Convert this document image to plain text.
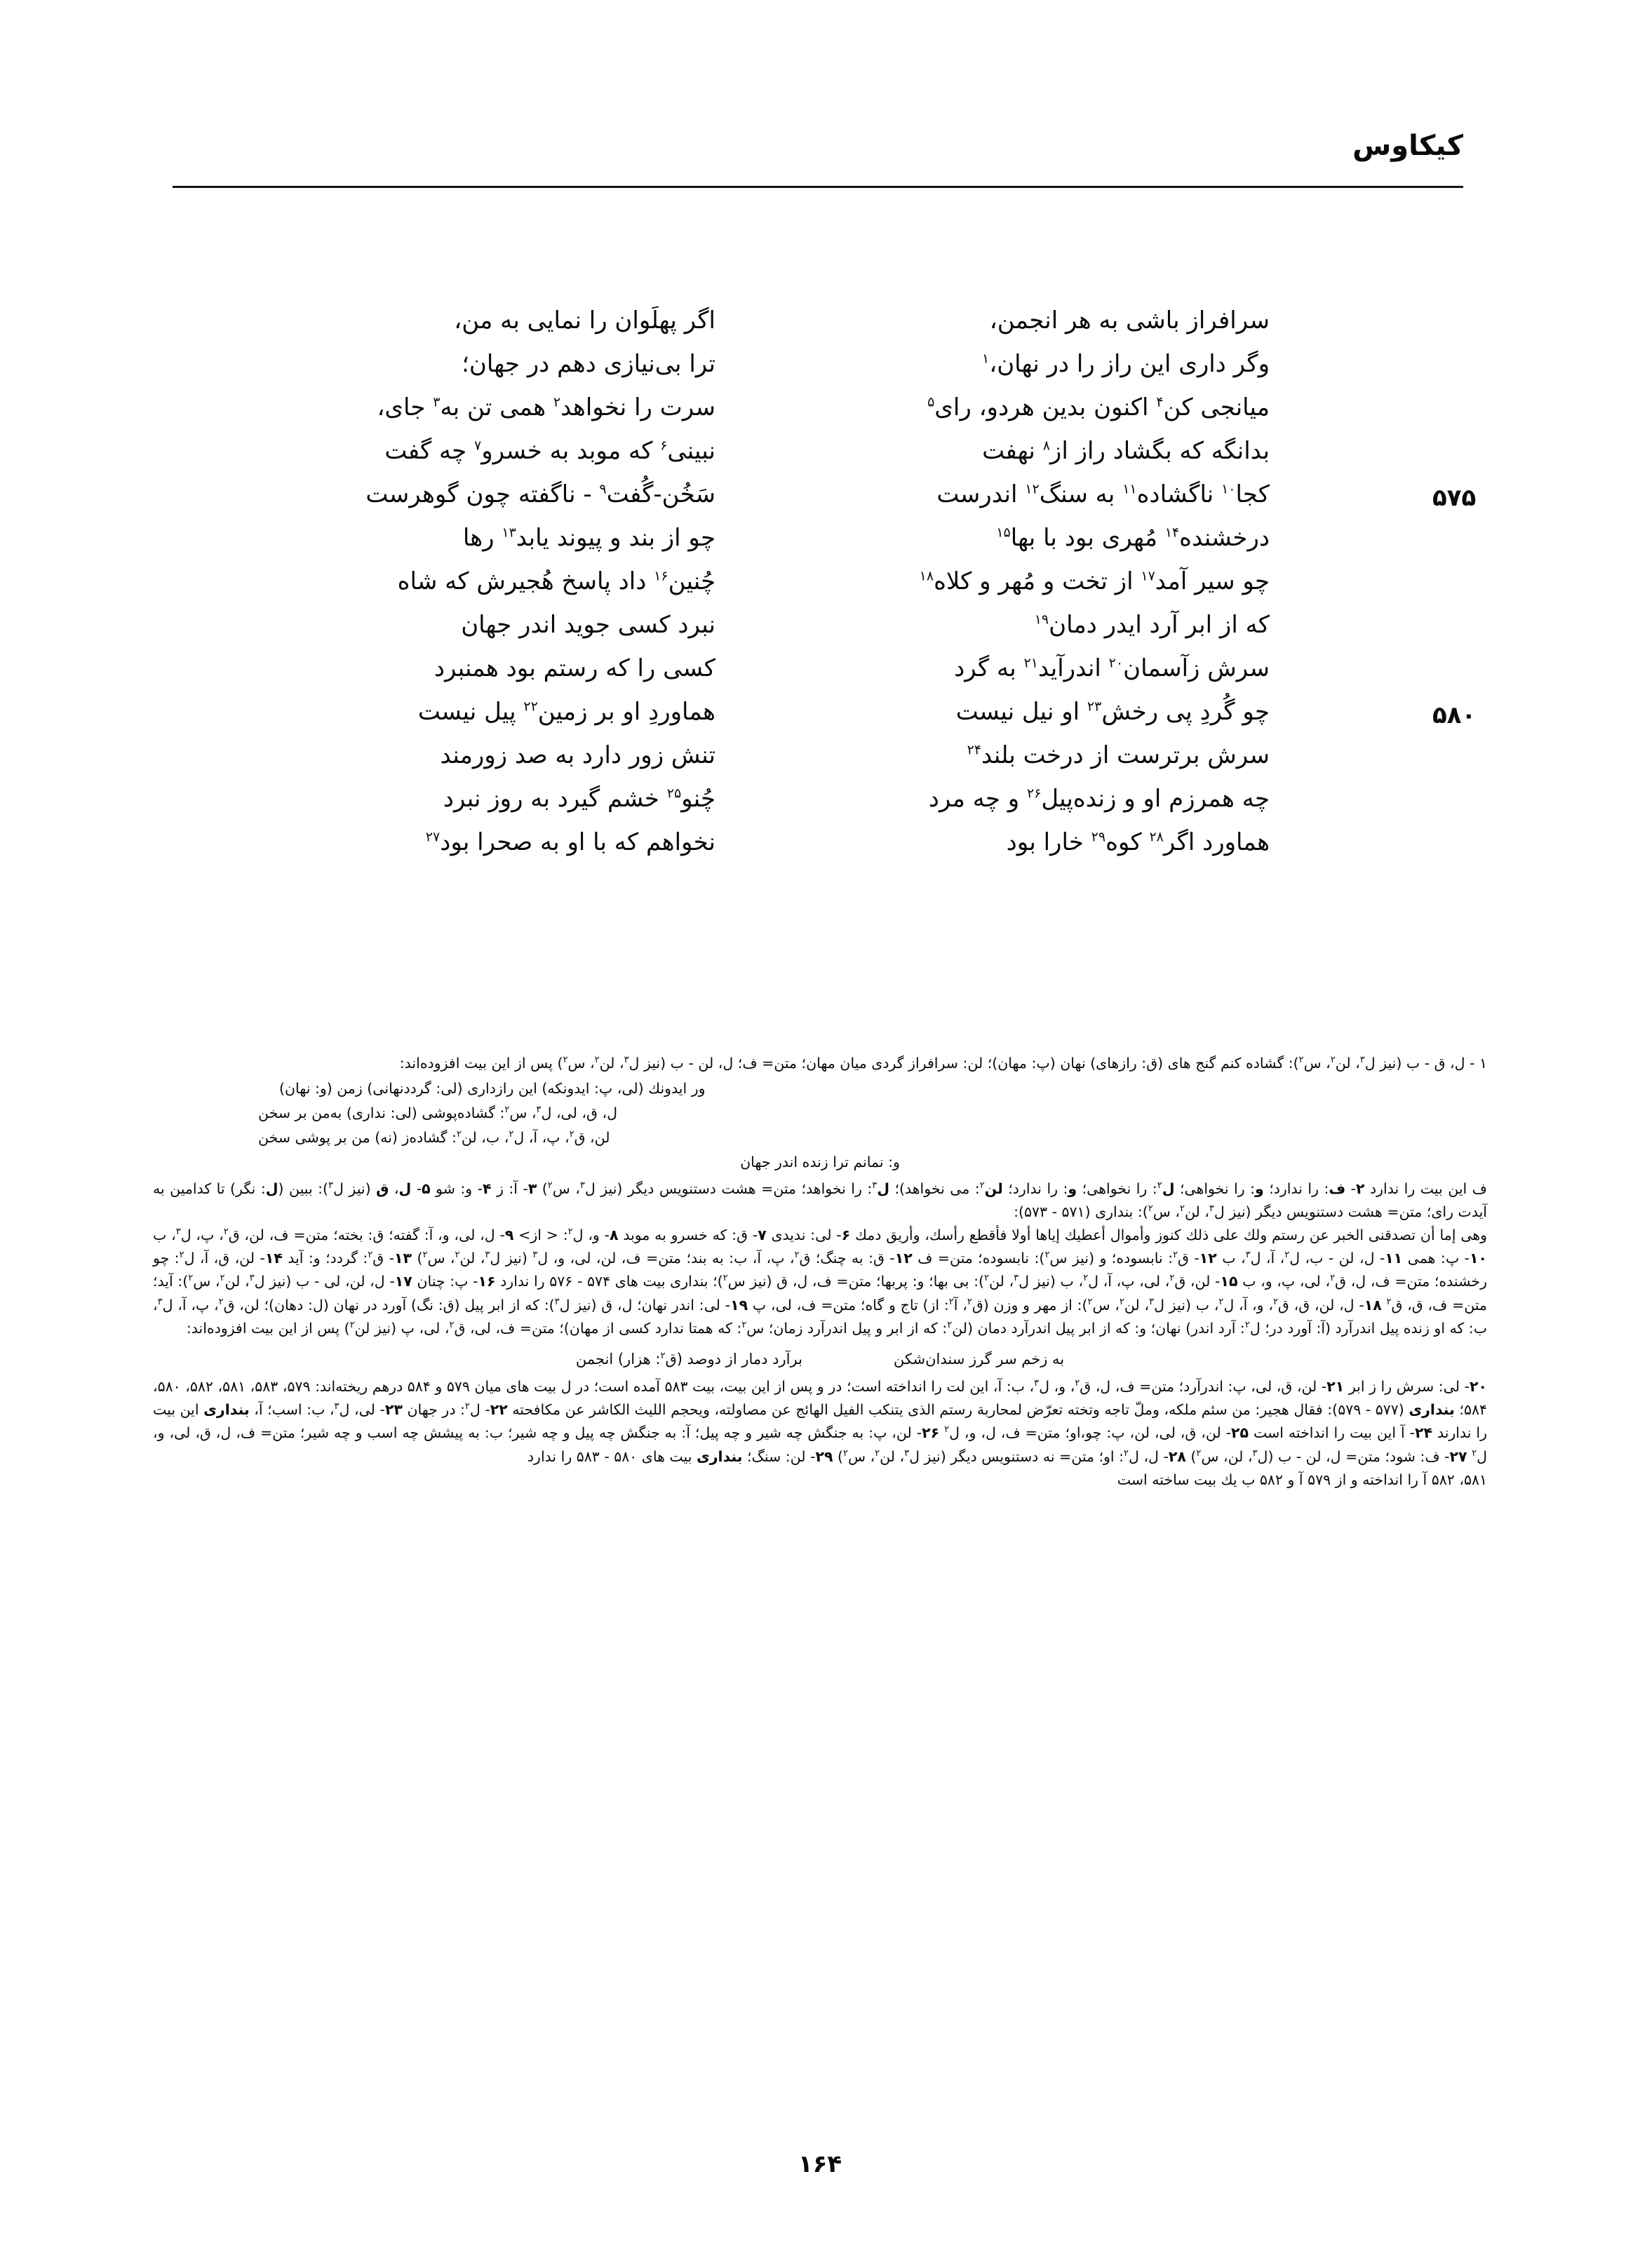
کیکاوس
اگر پهلَوان را نمایی به من،	سرافراز باشی به هر انجمن،
ترا بی‌نیازی دهم در جهان؛	وگر داری این راز را در نهان،$^۱$
سرت را نخواهد$^۲$ همی تن به$^۳$ جای،	میانجی کن$^۴$ اکنون بدین هردو، رای$^۵$
نبینی$^۶$ که موبد به خسرو$^۷$ چه گفت	بدانگه که بگشاد راز از$^۸$ نهفت
۵۷۵
سَخُن-گُفت$^۹$ - ناگفته چون گوهرست	کجا$^{۱۰}$ ناگشاده$^{۱۱}$ به سنگ$^{۱۲}$ اندرست
چو از بند و پیوند یابد$^{۱۳}$ رها	درخشنده$^{۱۴}$ مُهری بود با بها$^{۱۵}$
چُنین$^{۱۶}$ داد پاسخ هُجیرش که شاه	چو سیر آمد$^{۱۷}$ از تخت و مُهر و کلاه$^{۱۸}$
نبرد کسی جوید اندر جهان	که از ابر آرد ایدر دمان$^{۱۹}$
کسی را که رستم بود همنبرد	سرش زآسمان$^{۲۰}$ اندرآید$^{۲۱}$ به گرد
۵۸۰
هماوردِ او بر زمین$^{۲۲}$ پیل نیست	چو گُردِ پی رخش$^{۲۳}$ او نیل نیست
تنش زور دارد به صد زورمند	سرش برترست از درخت بلند$^{۲۴}$
چُنو$^{۲۵}$ خشم گیرد به روز نبرد	چه همرزم او و زنده‌پیل$^{۲۶}$ و چه مرد
نخواهم که با او به صحرا بود$^{۲۷}$	هماورد اگر$^{۲۸}$ کوه$^{۲۹}$ خارا بود
۱ - ل، ق - ب (نیز ل$^۳$، لن$^۲$، س$^۲$): گشاده کنم گنج های (ق: رازهای) نهان (پ: مهان)؛ لن: سرافراز گردی میان مهان؛ متن= ف؛ ل، لن - ب (نیز ل$^۳$، لن$^۲$، س$^۲$) پس از این بیت افزوده‌اند:
ور ایدونك (لی، پ: ایدونکه) این رازداری (لی: گرددنهانی) زمن (و: نهان)
ل، ق، لی، ل$^۳$، س$^۲$: گشاده‌پوشی (لی: نداری) به‌من بر سخن
لن، ق$^۲$، پ، آ، ل$^۲$، ب، لن$^۲$: گشاده‌ز (نه) من بر پوشی سخن
و: نمانم ترا زنده اندر جهان
ف این بیت را ندارد ۲- ف: را ندارد؛ و: را نخواهی؛ ل$^۲$: را نخواهی؛ و: را ندارد؛ لن$^۲$: می نخواهد)؛ ل$^۳$: را نخواهد؛ متن= هشت دستنویس دیگر (نیز ل$^۳$، س$^۲$) ۳- آ: ز ۴- و: شو ۵- ل، ق (نیز ل$^۳$): ببین (ل: نگر) تا کدامین به آیدت رای؛ متن= هشت دستنویس دیگر (نیز ل$^۳$، لن$^۲$، س$^۲$): بنداری (۵۷۱ - ۵۷۳):
وهی إما أن تصدقنی الخبر عن رستم ولك علی ذلك كنوز وأموال أعطیك إیاها أولا فأقطع رأسك، وأریق دمك ۶- لی: ندیدی ۷- ق: که خسرو به موبد ۸- و، ل$^۲$: < از> ۹- ل، لی، و، آ: گفته؛ ق: بخته؛ متن= ف، لن، ق$^۲$، پ، ل$^۳$، ب ۱۰- پ: همی ۱۱- ل، لن - ب، ل$^۲$، آ، ل$^۳$، ب ۱۲- ق$^۲$: نابسوده؛ و (نیز س$^۲$): نابسوده؛ متن= ف ۱۲- ق: به چنگ؛ ق$^۲$، پ، آ، ب: به بند؛ متن= ف، لن، لی، و، ل$^۳$ (نیز ل$^۳$، لن$^۲$، س$^۲$) ۱۳- ق$^۲$: گردد؛ و: آید ۱۴- لن، ق، آ، ل$^۲$: چو رخشنده؛ متن= ف، ل، ق$^۲$، لی، پ، و، ب ۱۵- لن، ق$^۲$، لی، پ، آ، ل$^۲$، ب (نیز ل$^۳$، لن$^۲$): بی بها؛ و: پربها؛ متن= ف، ل، ق (نیز س$^۲$)؛ بنداری بیت های ۵۷۴ - ۵۷۶ را ندارد ۱۶- پ: چنان ۱۷- ل، لن، لی - ب (نیز ل$^۳$، لن$^۲$، س$^۲$): آید؛ متن= ف، ق، ق$^۲$ ۱۸- ل، لن، ق، ق$^۲$، و، آ، ل$^۲$، ب (نیز ل$^۳$، لن$^۲$، س$^۲$): از مهر و وزن (ق$^۲$، آ$^۲$: از) تاج و گاه؛ متن= ف، لی، پ ۱۹- لی: اندر نهان؛ ل، ق (نیز ل$^۳$): که از ابر پیل (ق: نگ) آورد در نهان (ل: دهان)؛ لن، ق$^۲$، پ، آ، ل$^۳$، ب: که او زنده پیل اندرآرد (آ: آورد در؛ ل$^۲$: آرد اندر) نهان؛ و: که از ابر پیل اندرآرد دمان (لن$^۲$: که از ابر و پیل اندرآرد زمان؛ س$^۲$: که همتا ندارد کسی از مهان)؛ متن= ف، لی، ق$^۲$، لی، پ (نیز لن$^۲$) پس از این بیت افزوده‌اند:
به زخم سر گرز سندان‌شکن
برآرد دمار از دوصد (ق$^۲$: هزار) انجمن
۲۰- لی: سرش را ز ابر ۲۱- لن، ق، لی، پ: اندرآرد؛ متن= ف، ل، ق$^۲$، و، ل$^۳$، ب: آ، این لت را انداخته است؛ در و پس از این بیت، بیت ۵۸۳ آمده است؛ در ل بیت های میان ۵۷۹ و ۵۸۴ درهم ریخته‌اند: ۵۷۹، ۵۸۳، ۵۸۱، ۵۸۲، ۵۸۰، ۵۸۴؛ بنداری (۵۷۷ - ۵۷۹): فقال هجیر: من سئم ملكه، وملّ تاجه وتخته تعرّض لمحاربة رستم الذی یتنكب الفیل الهائج عن مصاولته، ویحجم اللیث الكاشر عن مكافحته ۲۲- ل$^۲$: در جهان ۲۳- لی، ل$^۳$، ب: اسب؛ آ، بنداری این بیت را ندارند ۲۴- آ این بیت را انداخته است ۲۵- لن، ق، لی، لن، پ: چو،او؛ متن= ف، ل، و، ل$^۲$ ۲۶- لن، پ: به جنگش چه شیر و چه پیل؛ آ: به جنگش چه پیل و چه شیر؛ ب: به پیشش چه اسب و چه شیر؛ متن= ف، ل، ق، لی، و، ل$^۲$ ۲۷- ف: شود؛ متن= ل، لن - ب (ل$^۳$، لن، س$^۲$) ۲۸- ل، ل$^۲$: او؛ متن= نه دستنویس دیگر (نیز ل$^۳$، لن$^۲$، س$^۲$) ۲۹- لن: سنگ؛ بنداری بیت های ۵۸۰ - ۵۸۳ را ندارد
۵۸۱، ۵۸۲ آ را انداخته و از ۵۷۹ آ و ۵۸۲ ب یك بیت ساخته است
۱۶۴
